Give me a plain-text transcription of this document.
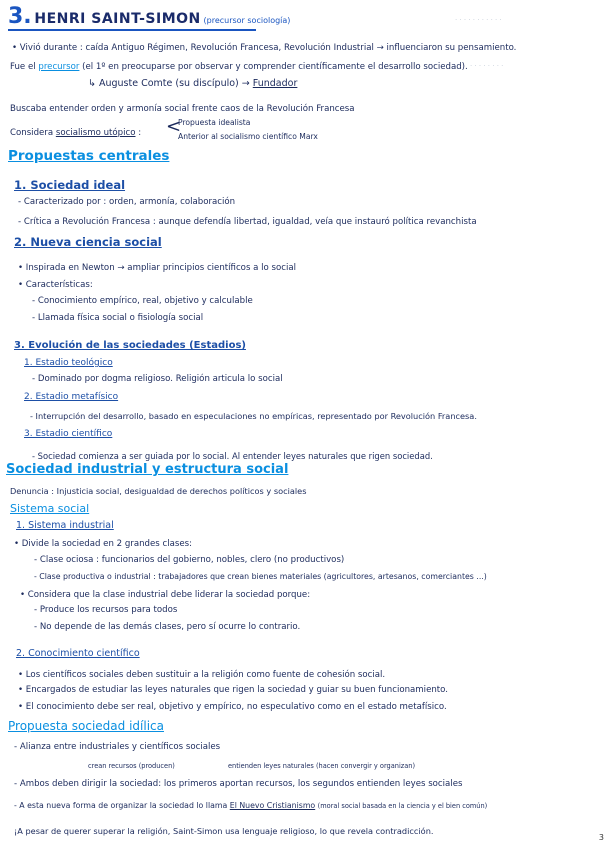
· · · · · · · · · · ·
· · · · · · · ·
3. HENRI SAINT-SIMON (precursor sociología)
• Vivió durante : caída Antiguo Régimen, Revolución Francesa, Revolución Industrial → influenciaron su pensamiento.
Fue el precursor (el 1º en preocuparse por observar y comprender científicamente el desarrollo sociedad).
↳ Auguste Comte (su discípulo) → Fundador
Buscaba entender orden y armonía social frente caos de la Revolución Francesa
Considera socialismo utópico : <
Propuesta idealista
Anterior al socialismo científico Marx
Propuestas centrales
1. Sociedad ideal
- Caracterizado por : orden, armonía, colaboración
- Crítica a Revolución Francesa : aunque defendía libertad, igualdad, veía que instauró política revanchista
2. Nueva ciencia social
• Inspirada en Newton → ampliar principios científicos a lo social
• Características:
- Conocimiento empírico, real, objetivo y calculable
- Llamada física social o fisiología social
3. Evolución de las sociedades (Estadios)
1. Estadio teológico
- Dominado por dogma religioso. Religión articula lo social
2. Estadio metafísico
- Interrupción del desarrollo, basado en especulaciones no empíricas, representado por Revolución Francesa.
3. Estadio científico
- Sociedad comienza a ser guiada por lo social. Al entender leyes naturales que rigen sociedad.
Sociedad industrial y estructura social
Denuncia : Injusticia social, desigualdad de derechos políticos y sociales
Sistema social
1. Sistema industrial
• Divide la sociedad en 2 grandes clases:
- Clase ociosa : funcionarios del gobierno, nobles, clero (no productivos)
- Clase productiva o industrial : trabajadores que crean bienes materiales (agricultores, artesanos, comerciantes ...)
• Considera que la clase industrial debe liderar la sociedad porque:
- Produce los recursos para todos
- No depende de las demás clases, pero sí ocurre lo contrario.
2. Conocimiento científico
• Los científicos sociales deben sustituir a la religión como fuente de cohesión social.
• Encargados de estudiar las leyes naturales que rigen la sociedad y guiar su buen funcionamiento.
• El conocimiento debe ser real, objetivo y empírico, no especulativo como en el estado metafísico.
Propuesta sociedad idílica
- Alianza entre industriales y científicos sociales
crean recursos (producen)	entienden leyes naturales (hacen convergir y organizan)
- Ambos deben dirigir la sociedad: los primeros aportan recursos, los segundos entienden leyes sociales
- A esta nueva forma de organizar la sociedad lo llama El Nuevo Cristianismo (moral social basada en la ciencia y el bien común)
¡A pesar de querer superar la religión, Saint-Simon usa lenguaje religioso, lo que revela contradicción.
3
